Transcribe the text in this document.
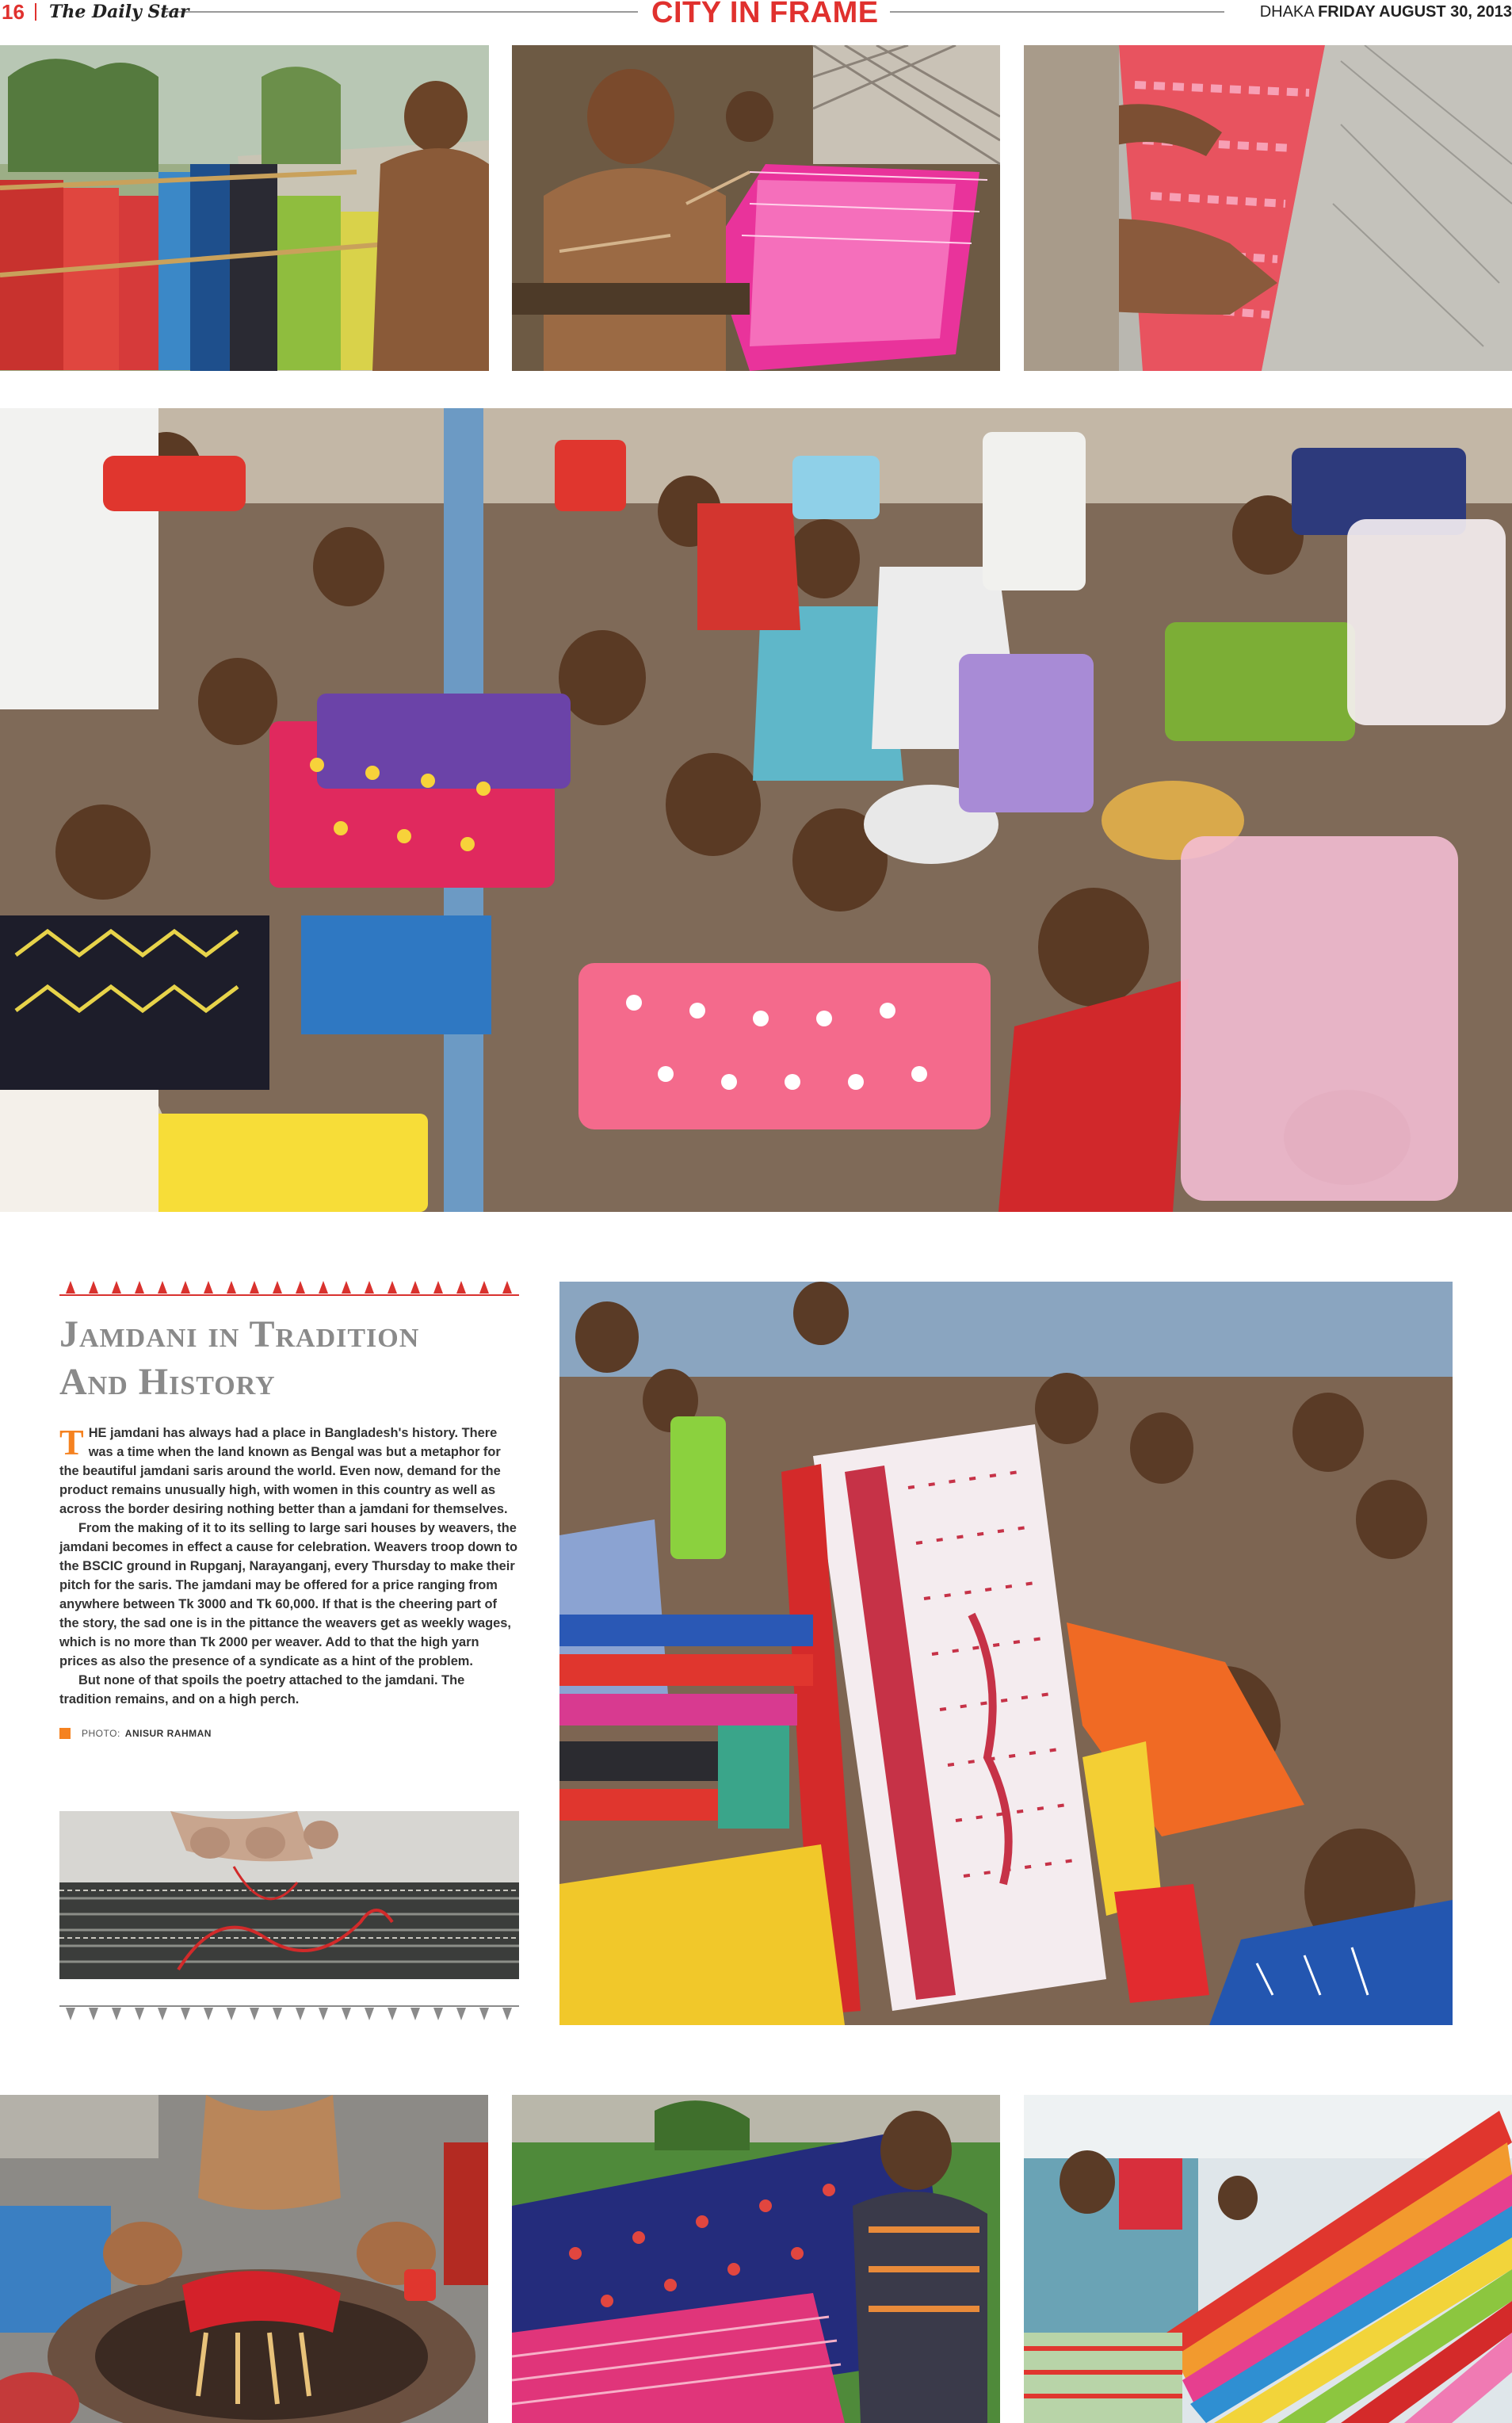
16 The Daily Star	CITY IN FRAME	DHAKA FRIDAY AUGUST 30, 2013
Jamdani in Tradition
And History

THE jamdani has always had a place in Bangladesh's history. There was a time when the land known as Bengal was but a metaphor for the beautiful jamdani saris around the world. Even now, demand for the product remains unusually high, with women in this country as well as across the border desiring nothing better than a jamdani for themselves.

From the making of it to its selling to large sari houses by weavers, the jamdani becomes in effect a cause for celebration. Weavers troop down to the BSCIC ground in Rupganj, Narayanganj, every Thursday to make their pitch for the saris. The jamdani may be offered for a price ranging from anywhere between Tk 3000 and Tk 60,000. If that is the cheering part of the story, the sad one is in the pittance the weavers get as weekly wages, which is no more than Tk 2000 per weaver. Add to that the high yarn prices as also the presence of a syndicate as a hint of the problem.

But none of that spoils the poetry attached to the jamdani. The tradition remains, and on a high perch.

PHOTO: ANISUR RAHMAN
